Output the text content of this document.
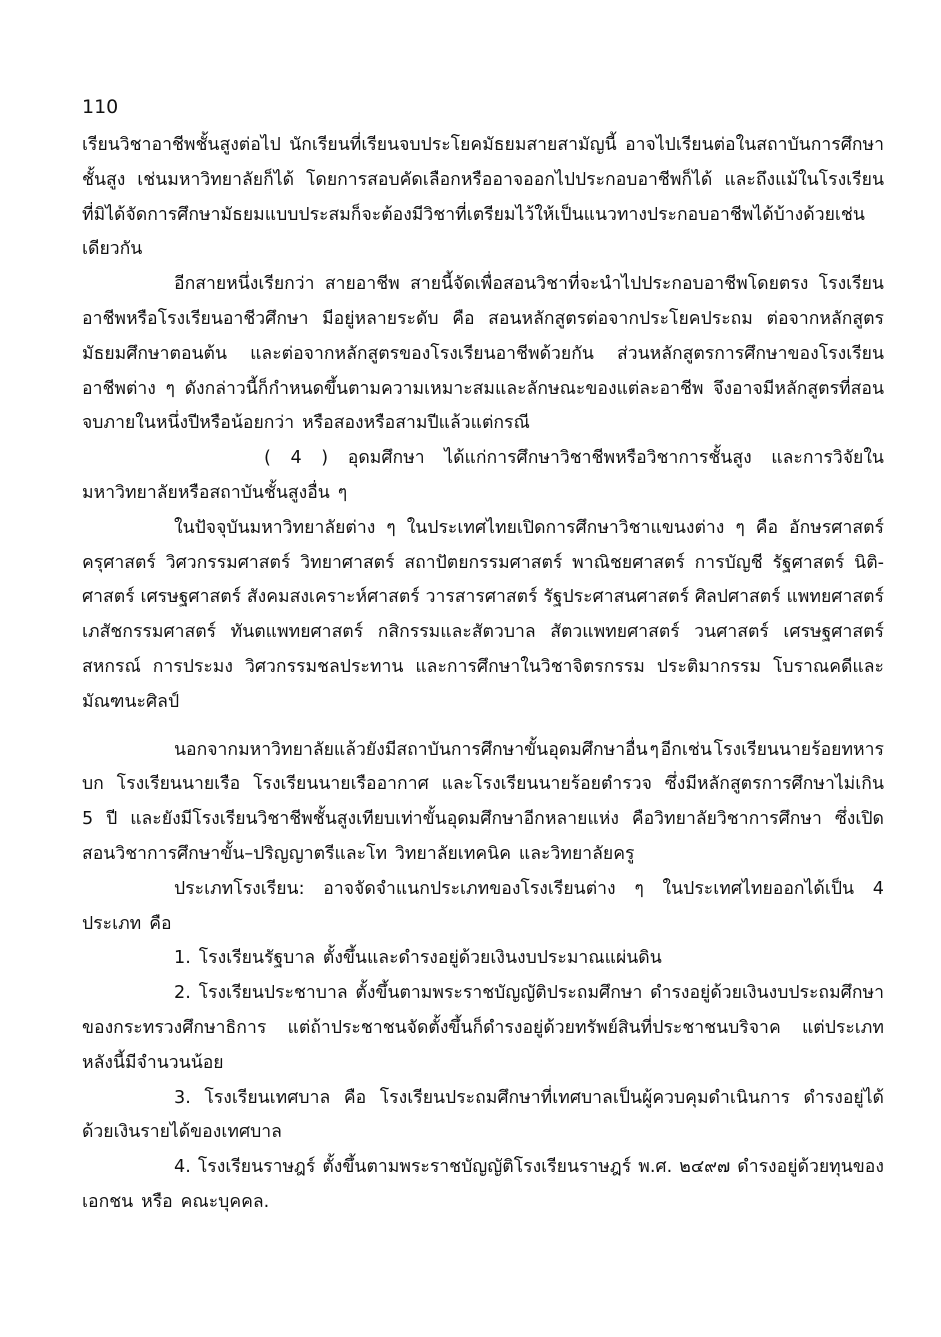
110
เรียนวิชาอาชีพชั้นสูงต่อไป นักเรียนที่เรียนจบประโยคมัธยมสายสามัญนี้ อาจไปเรียนต่อในสถาบันการศึกษา
ชั้นสูง เช่นมหาวิทยาลัยก็ได้ โดยการสอบคัดเลือกหรืออาจออกไปประกอบอาชีพก็ได้ และถึงแม้ในโรงเรียน
ที่มิได้จัดการศึกษามัธยมแบบประสมก็จะต้องมีวิชาที่เตรียมไว้ให้เป็นแนวทางประกอบอาชีพได้บ้างด้วยเช่น
เดียวกัน
อีกสายหนึ่งเรียกว่า สายอาชีพ สายนี้จัดเพื่อสอนวิชาที่จะนำไปประกอบอาชีพโดยตรง โรงเรียน
อาชีพหรือโรงเรียนอาชีวศึกษา มีอยู่หลายระดับ คือ สอนหลักสูตรต่อจากประโยคประถม ต่อจากหลักสูตร
มัธยมศึกษาตอนต้น และต่อจากหลักสูตรของโรงเรียนอาชีพด้วยกัน ส่วนหลักสูตรการศึกษาของโรงเรียน
อาชีพต่าง ๆ ดังกล่าวนี้ก็กำหนดขึ้นตามความเหมาะสมและลักษณะของแต่ละอาชีพ จึงอาจมีหลักสูตรที่สอน
จบภายในหนึ่งปีหรือน้อยกว่า หรือสองหรือสามปีแล้วแต่กรณี
( 4 ) อุดมศึกษา ได้แก่การศึกษาวิชาชีพหรือวิชาการชั้นสูง และการวิจัยใน
มหาวิทยาลัยหรือสถาบันชั้นสูงอื่น ๆ
ในปัจจุบันมหาวิทยาลัยต่าง ๆ ในประเทศไทยเปิดการศึกษาวิชาแขนงต่าง ๆ คือ อักษรศาสตร์
ครุศาสตร์ วิศวกรรมศาสตร์ วิทยาศาสตร์ สถาปัตยกรรมศาสตร์ พาณิชยศาสตร์ การบัญชี รัฐศาสตร์ นิติ-
ศาสตร์ เศรษฐศาสตร์ สังคมสงเคราะห์ศาสตร์ วารสารศาสตร์ รัฐประศาสนศาสตร์ ศิลปศาสตร์ แพทยศาสตร์
เภสัชกรรมศาสตร์ ทันตแพทยศาสตร์ กสิกรรมและสัตวบาล สัตวแพทยศาสตร์ วนศาสตร์ เศรษฐศาสตร์
สหกรณ์ การประมง วิศวกรรมชลประทาน และการศึกษาในวิชาจิตรกรรม ประติมากรรม โบราณคดีและ
มัณฑนะศิลป์
นอกจากมหาวิทยาลัยแล้วยังมีสถาบันการศึกษาขั้นอุดมศึกษาอื่น ๆ อีกเช่น โรงเรียนนายร้อยทหาร
บก โรงเรียนนายเรือ โรงเรียนนายเรืออากาศ และโรงเรียนนายร้อยตำรวจ ซึ่งมีหลักสูตรการศึกษาไม่เกิน
5 ปี และยังมีโรงเรียนวิชาชีพชั้นสูงเทียบเท่าขั้นอุดมศึกษาอีกหลายแห่ง คือวิทยาลัยวิชาการศึกษา ซึ่งเปิด
สอนวิชาการศึกษาขั้น–ปริญญาตรีและโท วิทยาลัยเทคนิค และวิทยาลัยครู
ประเภทโรงเรียน: อาจจัดจำแนกประเภทของโรงเรียนต่าง ๆ ในประเทศไทยออกได้เป็น 4
ประเภท คือ
1. โรงเรียนรัฐบาล ตั้งขึ้นและดำรงอยู่ด้วยเงินงบประมาณแผ่นดิน
2. โรงเรียนประชาบาล ตั้งขึ้นตามพระราชบัญญัติประถมศึกษา ดำรงอยู่ด้วยเงินงบประถมศึกษา
ของกระทรวงศึกษาธิการ แต่ถ้าประชาชนจัดตั้งขึ้นก็ดำรงอยู่ด้วยทรัพย์สินที่ประชาชนบริจาค แต่ประเภท
หลังนี้มีจำนวนน้อย
3. โรงเรียนเทศบาล คือ โรงเรียนประถมศึกษาที่เทศบาลเป็นผู้ควบคุมดำเนินการ ดำรงอยู่ได้
ด้วยเงินรายได้ของเทศบาล
4. โรงเรียนราษฎร์ ตั้งขึ้นตามพระราชบัญญัติโรงเรียนราษฎร์ พ.ศ. ๒๔๙๗ ดำรงอยู่ด้วยทุนของ
เอกชน หรือ คณะบุคคล.
